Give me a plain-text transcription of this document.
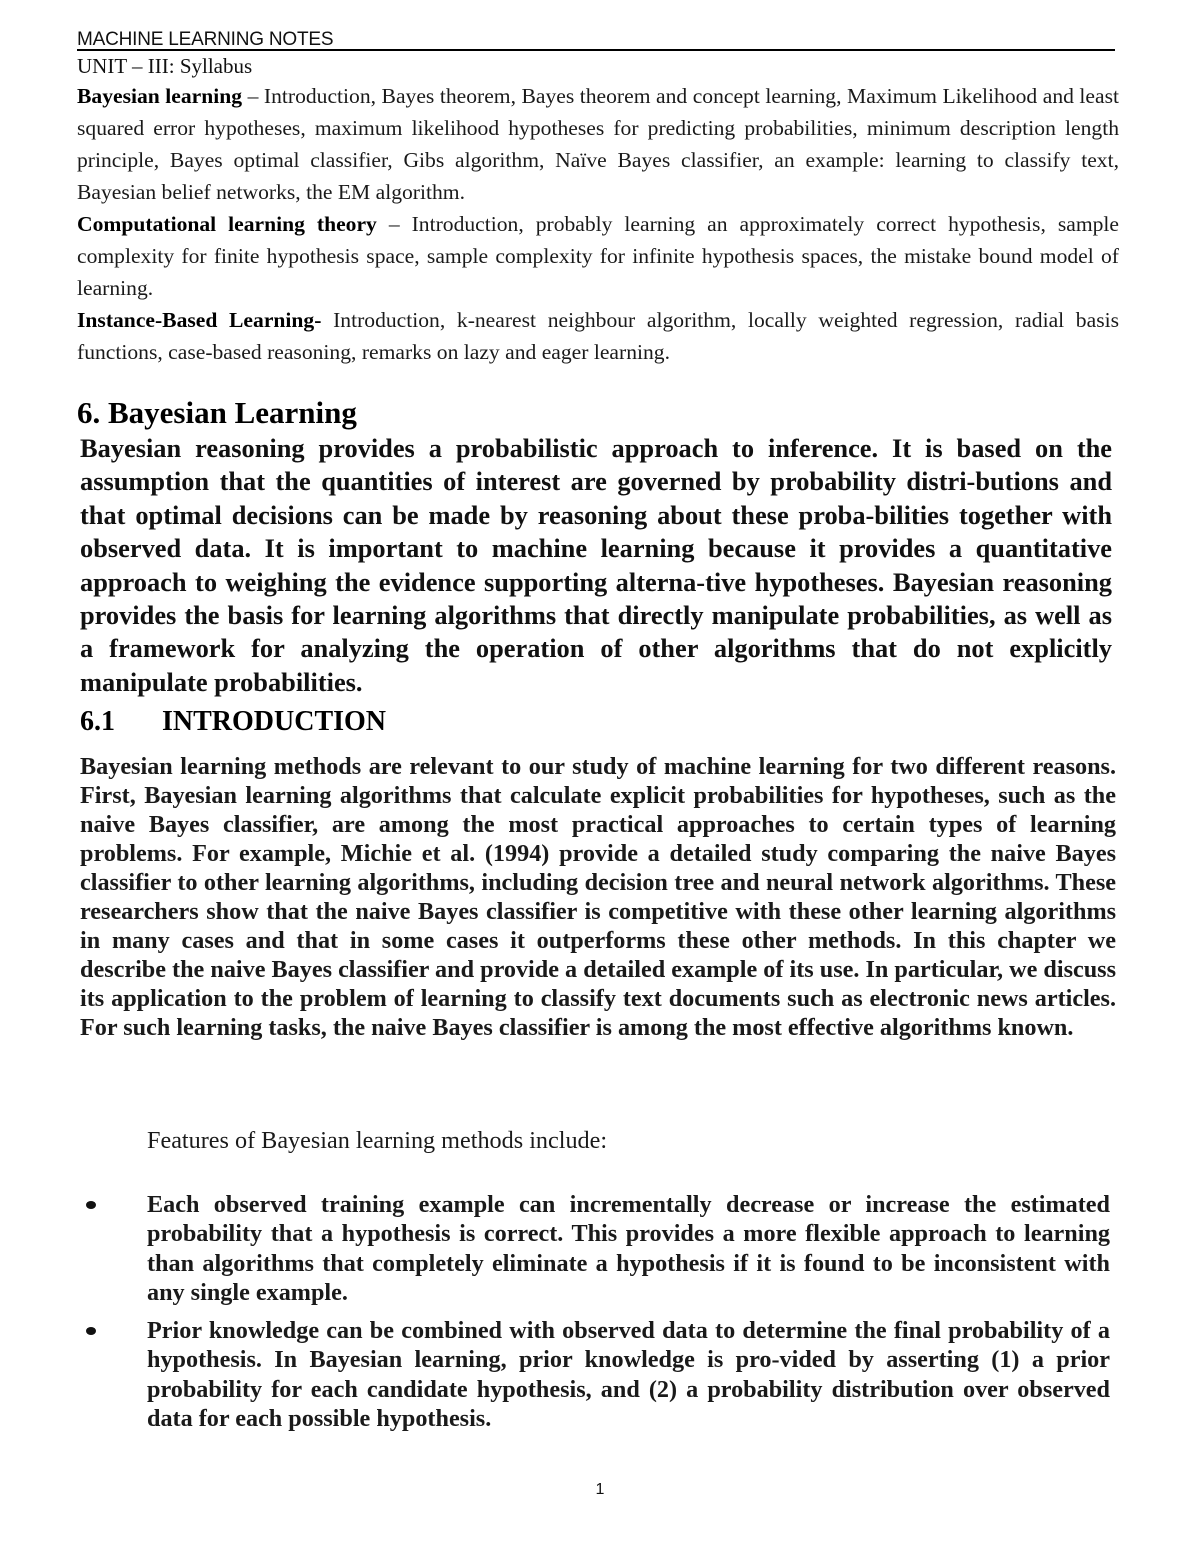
MACHINE LEARNING NOTES
UNIT – III: Syllabus

Bayesian learning – Introduction, Bayes theorem, Bayes theorem and concept learning, Maximum Likelihood and least squared error hypotheses, maximum likelihood hypotheses for predicting probabilities, minimum description length principle, Bayes optimal classifier, Gibs algorithm, Naïve Bayes classifier, an example: learning to classify text, Bayesian belief networks, the EM algorithm.

Computational learning theory – Introduction, probably learning an approximately correct hypothesis, sample complexity for finite hypothesis space, sample complexity for infinite hypothesis spaces, the mistake bound model of learning.

Instance-Based Learning- Introduction, k-nearest neighbour algorithm, locally weighted regression, radial basis functions, case-based reasoning, remarks on lazy and eager learning.

6. Bayesian Learning
Bayesian reasoning provides a probabilistic approach to inference. It is based on the assumption that the quantities of interest are governed by probability distri-butions and that optimal decisions can be made by reasoning about these proba-bilities together with observed data. It is important to machine learning because it provides a quantitative approach to weighing the evidence supporting alterna-tive hypotheses. Bayesian reasoning provides the basis for learning algorithms that directly manipulate probabilities, as well as a framework for analyzing the operation of other algorithms that do not explicitly manipulate probabilities.
6.1 INTRODUCTION
Bayesian learning methods are relevant to our study of machine learning for two different reasons. First, Bayesian learning algorithms that calculate explicit probabilities for hypotheses, such as the naive Bayes classifier, are among the most practical approaches to certain types of learning problems. For example, Michie et al. (1994) provide a detailed study comparing the naive Bayes classifier to other learning algorithms, including decision tree and neural network algorithms. These researchers show that the naive Bayes classifier is competitive with these other learning algorithms in many cases and that in some cases it outperforms these other methods. In this chapter we describe the naive Bayes classifier and provide a detailed example of its use. In particular, we discuss its application to the problem of learning to classify text documents such as electronic news articles. For such learning tasks, the naive Bayes classifier is among the most effective algorithms known.
Features of Bayesian learning methods include:
Each observed training example can incrementally decrease or increase the estimated probability that a hypothesis is correct. This provides a more flexible approach to learning than algorithms that completely eliminate a hypothesis if it is found to be inconsistent with any single example.
Prior knowledge can be combined with observed data to determine the final probability of a hypothesis. In Bayesian learning, prior knowledge is pro-vided by asserting (1) a prior probability for each candidate hypothesis, and (2) a probability distribution over observed data for each possible hypothesis.
1
